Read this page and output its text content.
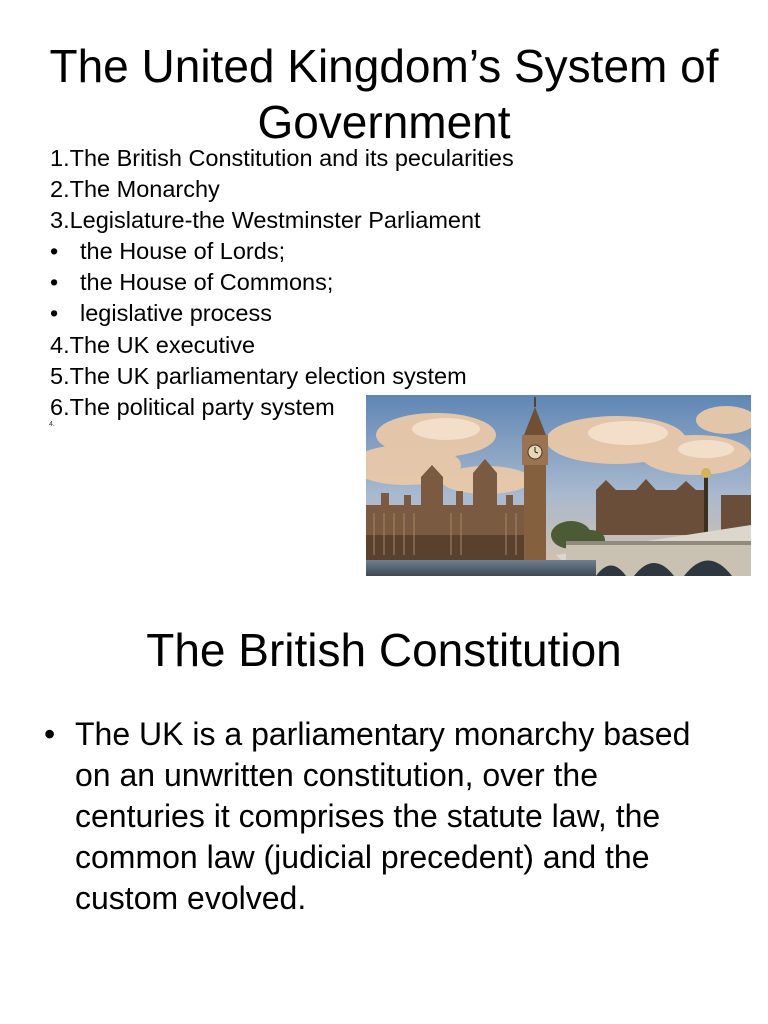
The United Kingdom’s System of Government
1.The British Constitution and its pecularities
2.The Monarchy
3.Legislature-the Westminster Parliament
• the House of Lords;
• the House of Commons;
• legislative process
4.The UK executive
5.The UK parliamentary election system
6.The political party system
4.
The British Constitution
• The UK is a parliamentary monarchy based on an unwritten constitution, over the centuries it comprises the statute law, the common law (judicial precedent) and the custom evolved.
